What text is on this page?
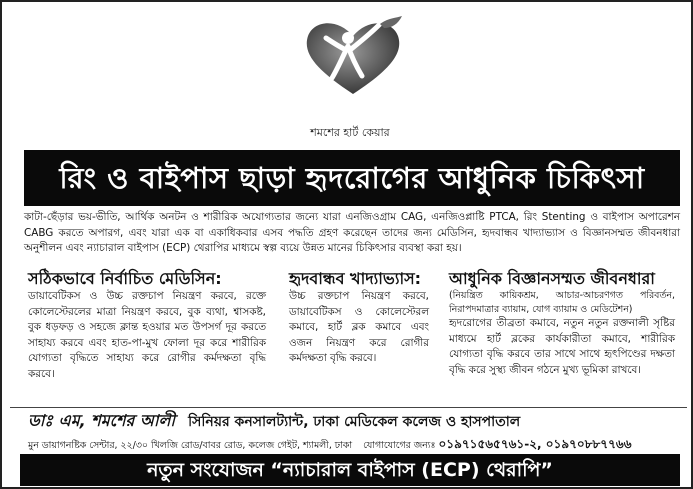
শমশের হার্ট কেয়ার
রিং ও বাইপাস ছাড়া হৃদরোগের আধুনিক চিকিৎসা

কাটা-ছেঁড়ার ভয়-ভীতি, আর্থিক অনটন ও শারীরিক অযোগ্যতার জন্যে যারা এনজিওগ্রাম CAG, এনজিওপ্লাষ্টি PTCA, রিং Stenting ও বাইপাস অপারেশন CABG করতে অপারগ, এবং যারা এক বা একাধিকবার এসব পদ্ধতি গ্রহণ করেছেন তাদের জন্য মেডিসিন, হৃদবান্ধব খাদ্যাভ্যাস ও বিজ্ঞানসম্মত জীবনধারা অনুশীলন এবং ন্যাচারাল বাইপাস (ECP) থেরাপির মাধ্যমে স্বল্প ব্যয়ে উন্নত মানের চিকিৎসার ব্যবস্থা করা হয়।

সঠিকভাবে নির্বাচিত মেডিসিন:

ডায়াবেটিকস ও উচ্চ রক্তচাপ নিয়ন্ত্রণ করবে, রক্তে কোলেস্টেরলের মাত্রা নিয়ন্ত্রণ করবে, বুক ব্যথা, শ্বাসকষ্ট, বুক ধড়ফড় ও সহজে ক্লান্ত হওয়ার মত উপসর্গ দূর করতে সাহায্য করবে এবং হাত-পা-মুখ ফোলা দূর করে শারীরিক যোগ্যতা বৃদ্ধিতে সাহায্য করে রোগীর কর্মদক্ষতা বৃদ্ধি করবে।

হৃদবান্ধব খাদ্যাভ্যাস:

উচ্চ রক্তচাপ নিয়ন্ত্রণ করবে, ডায়াবেটিকস ও কোলেস্টেরল কমাবে, হার্ট ব্লক কমাবে এবং ওজন নিয়ন্ত্রণ করে রোগীর কর্মদক্ষতা বৃদ্ধি করবে।

আধুনিক বিজ্ঞানসম্মত জীবনধারা

(নিয়ন্ত্রিত কায়িকশ্রম, আচার-আচরণগত পরিবর্তন, নিরাপদমাত্রার ব্যায়াম, যোগ ব্যায়াম ও মেডিটেশন)

হৃদরোগের তীব্রতা কমাবে, নতুন নতুন রক্তনালী সৃষ্টির মাধ্যমে হার্ট ব্লকের কার্যকারীতা কমাবে, শারীরিক যোগ্যতা বৃদ্ধি করবে তার সাথে সাথে হৃৎপিণ্ডের দক্ষতা বৃদ্ধি করে সুস্থ্য জীবন গঠনে মুখ্য ভূমিকা রাখবে।

ডাঃ এম, শমশের আলী সিনিয়র কনসালট্যান্ট, ঢাকা মেডিকেল কলেজ ও হাসপাতাল
মুন ডায়াগনষ্টিক সেন্টার, ২২/৩০ খিলজি রোড/বাবর রোড, কলেজ গেইট, শ্যামলী, ঢাকা যোগাযোগের জন্যঃ ০১৯৭১৫৬৫৭৬১-২, ০১৯৭০৮৮৭৭৬৬
নতুন সংযোজন “ন্যাচারাল বাইপাস (ECP) থেরাপি”
